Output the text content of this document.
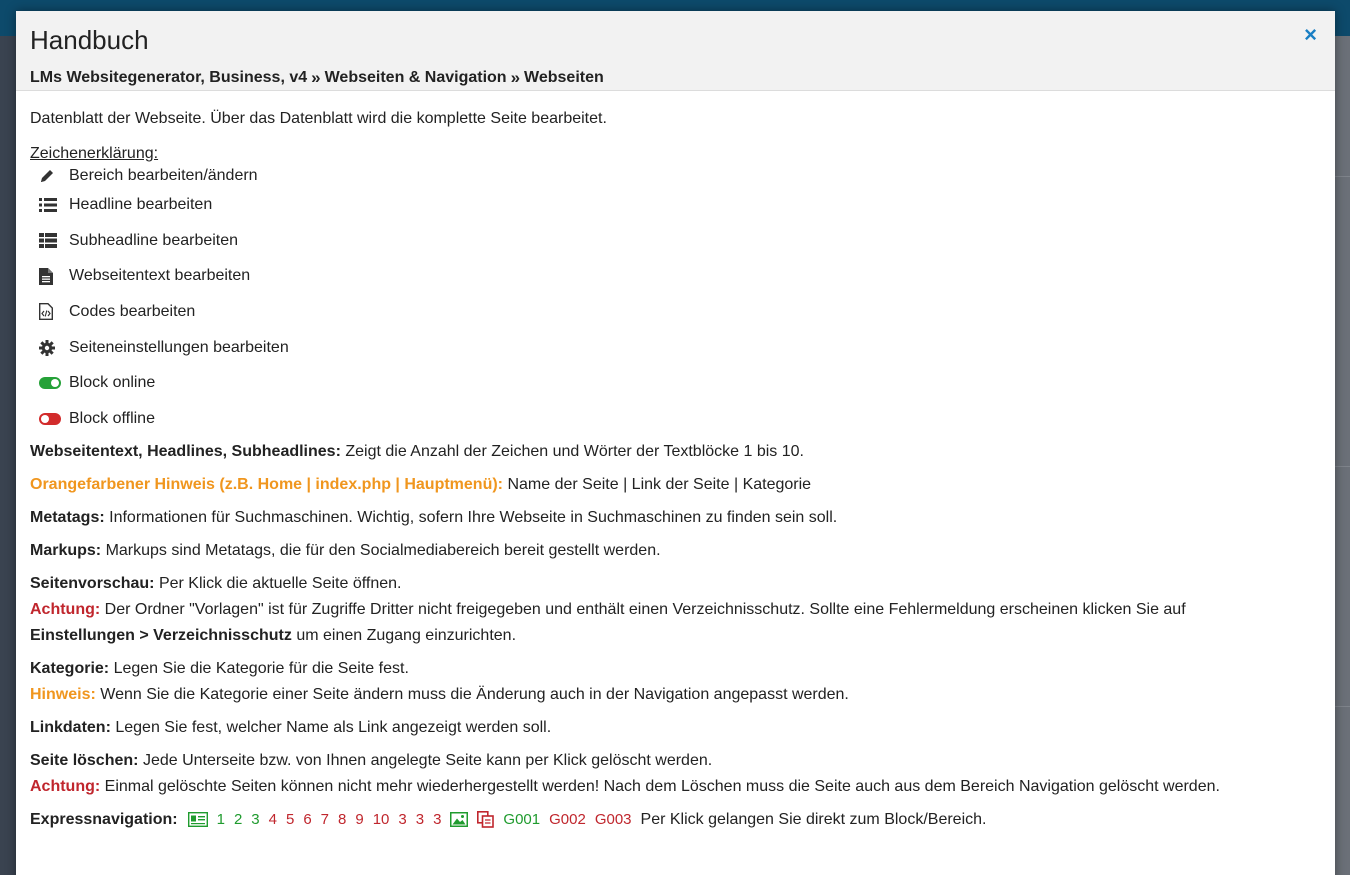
Handbuch
LMs Websitegenerator, Business, v4 » Webseiten & Navigation » Webseiten
×
Datenblatt der Webseite. Über das Datenblatt wird die komplette Seite bearbeitet.
Zeichenerklärung:
Bereich bearbeiten/ändern
Headline bearbeiten
Subheadline bearbeiten
Webseitentext bearbeiten
Codes bearbeiten
Seiteneinstellungen bearbeiten
Block online
Block offline
Webseitentext, Headlines, Subheadlines: Zeigt die Anzahl der Zeichen und Wörter der Textblöcke 1 bis 10.
Orangefarbener Hinweis (z.B. Home | index.php | Hauptmenü): Name der Seite | Link der Seite | Kategorie
Metatags: Informationen für Suchmaschinen. Wichtig, sofern Ihre Webseite in Suchmaschinen zu finden sein soll.
Markups: Markups sind Metatags, die für den Socialmediabereich bereit gestellt werden.
Seitenvorschau: Per Klick die aktuelle Seite öffnen.
Achtung: Der Ordner "Vorlagen" ist für Zugriffe Dritter nicht freigegeben und enthält einen Verzeichnisschutz. Sollte eine Fehlermeldung erscheinen klicken Sie auf
Einstellungen > Verzeichnisschutz um einen Zugang einzurichten.
Kategorie: Legen Sie die Kategorie für die Seite fest.
Hinweis: Wenn Sie die Kategorie einer Seite ändern muss die Änderung auch in der Navigation angepasst werden.
Linkdaten: Legen Sie fest, welcher Name als Link angezeigt werden soll.
Seite löschen: Jede Unterseite bzw. von Ihnen angelegte Seite kann per Klick gelöscht werden.
Achtung: Einmal gelöschte Seiten können nicht mehr wiederhergestellt werden! Nach dem Löschen muss die Seite auch aus dem Bereich Navigation gelöscht werden.
Expressnavigation:	1 2 3 4 5 6 7 8 9 10 3 3 3	G001 G002 G003 Per Klick gelangen Sie direkt zum Block/Bereich.
